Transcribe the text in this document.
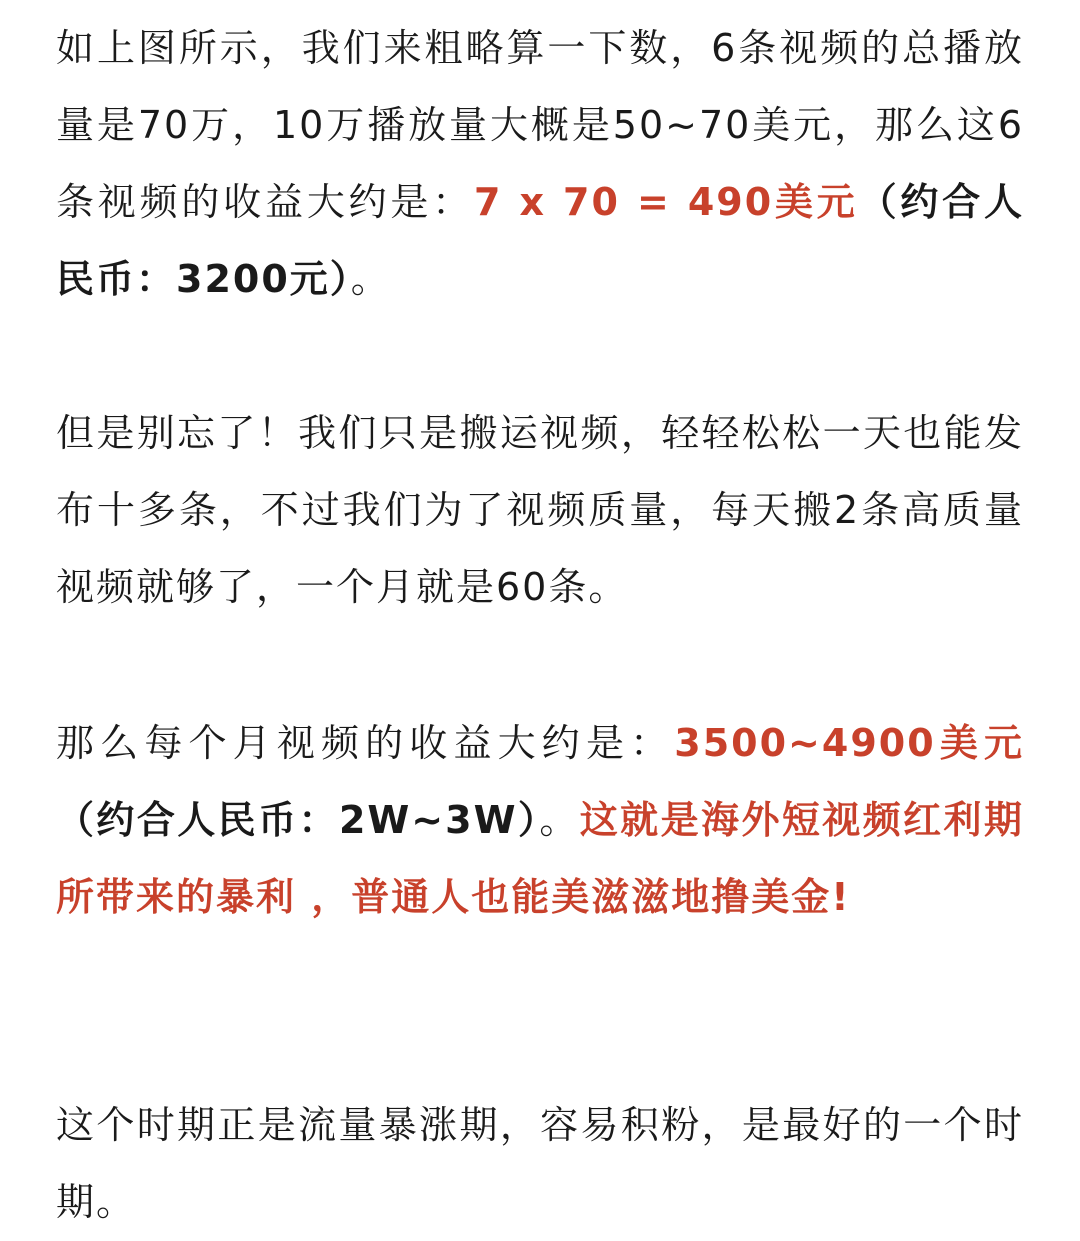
如上图所示，我们来粗略算一下数，6条视频的总播放量是70万，10万播放量大概是50~70美元，那么这6条视频的收益大约是：7 x 70 = 490美元（约合人民币：3200元）。

但是别忘了！我们只是搬运视频，轻轻松松一天也能发布十多条，不过我们为了视频质量，每天搬2条高质量视频就够了，一个月就是60条。

那么每个月视频的收益大约是：3500~4900美元（约合人民币：2W~3W）。这就是海外短视频红利期所带来的暴利 ，普通人也能美滋滋地撸美金!

这个时期正是流量暴涨期，容易积粉，是最好的一个时期。
